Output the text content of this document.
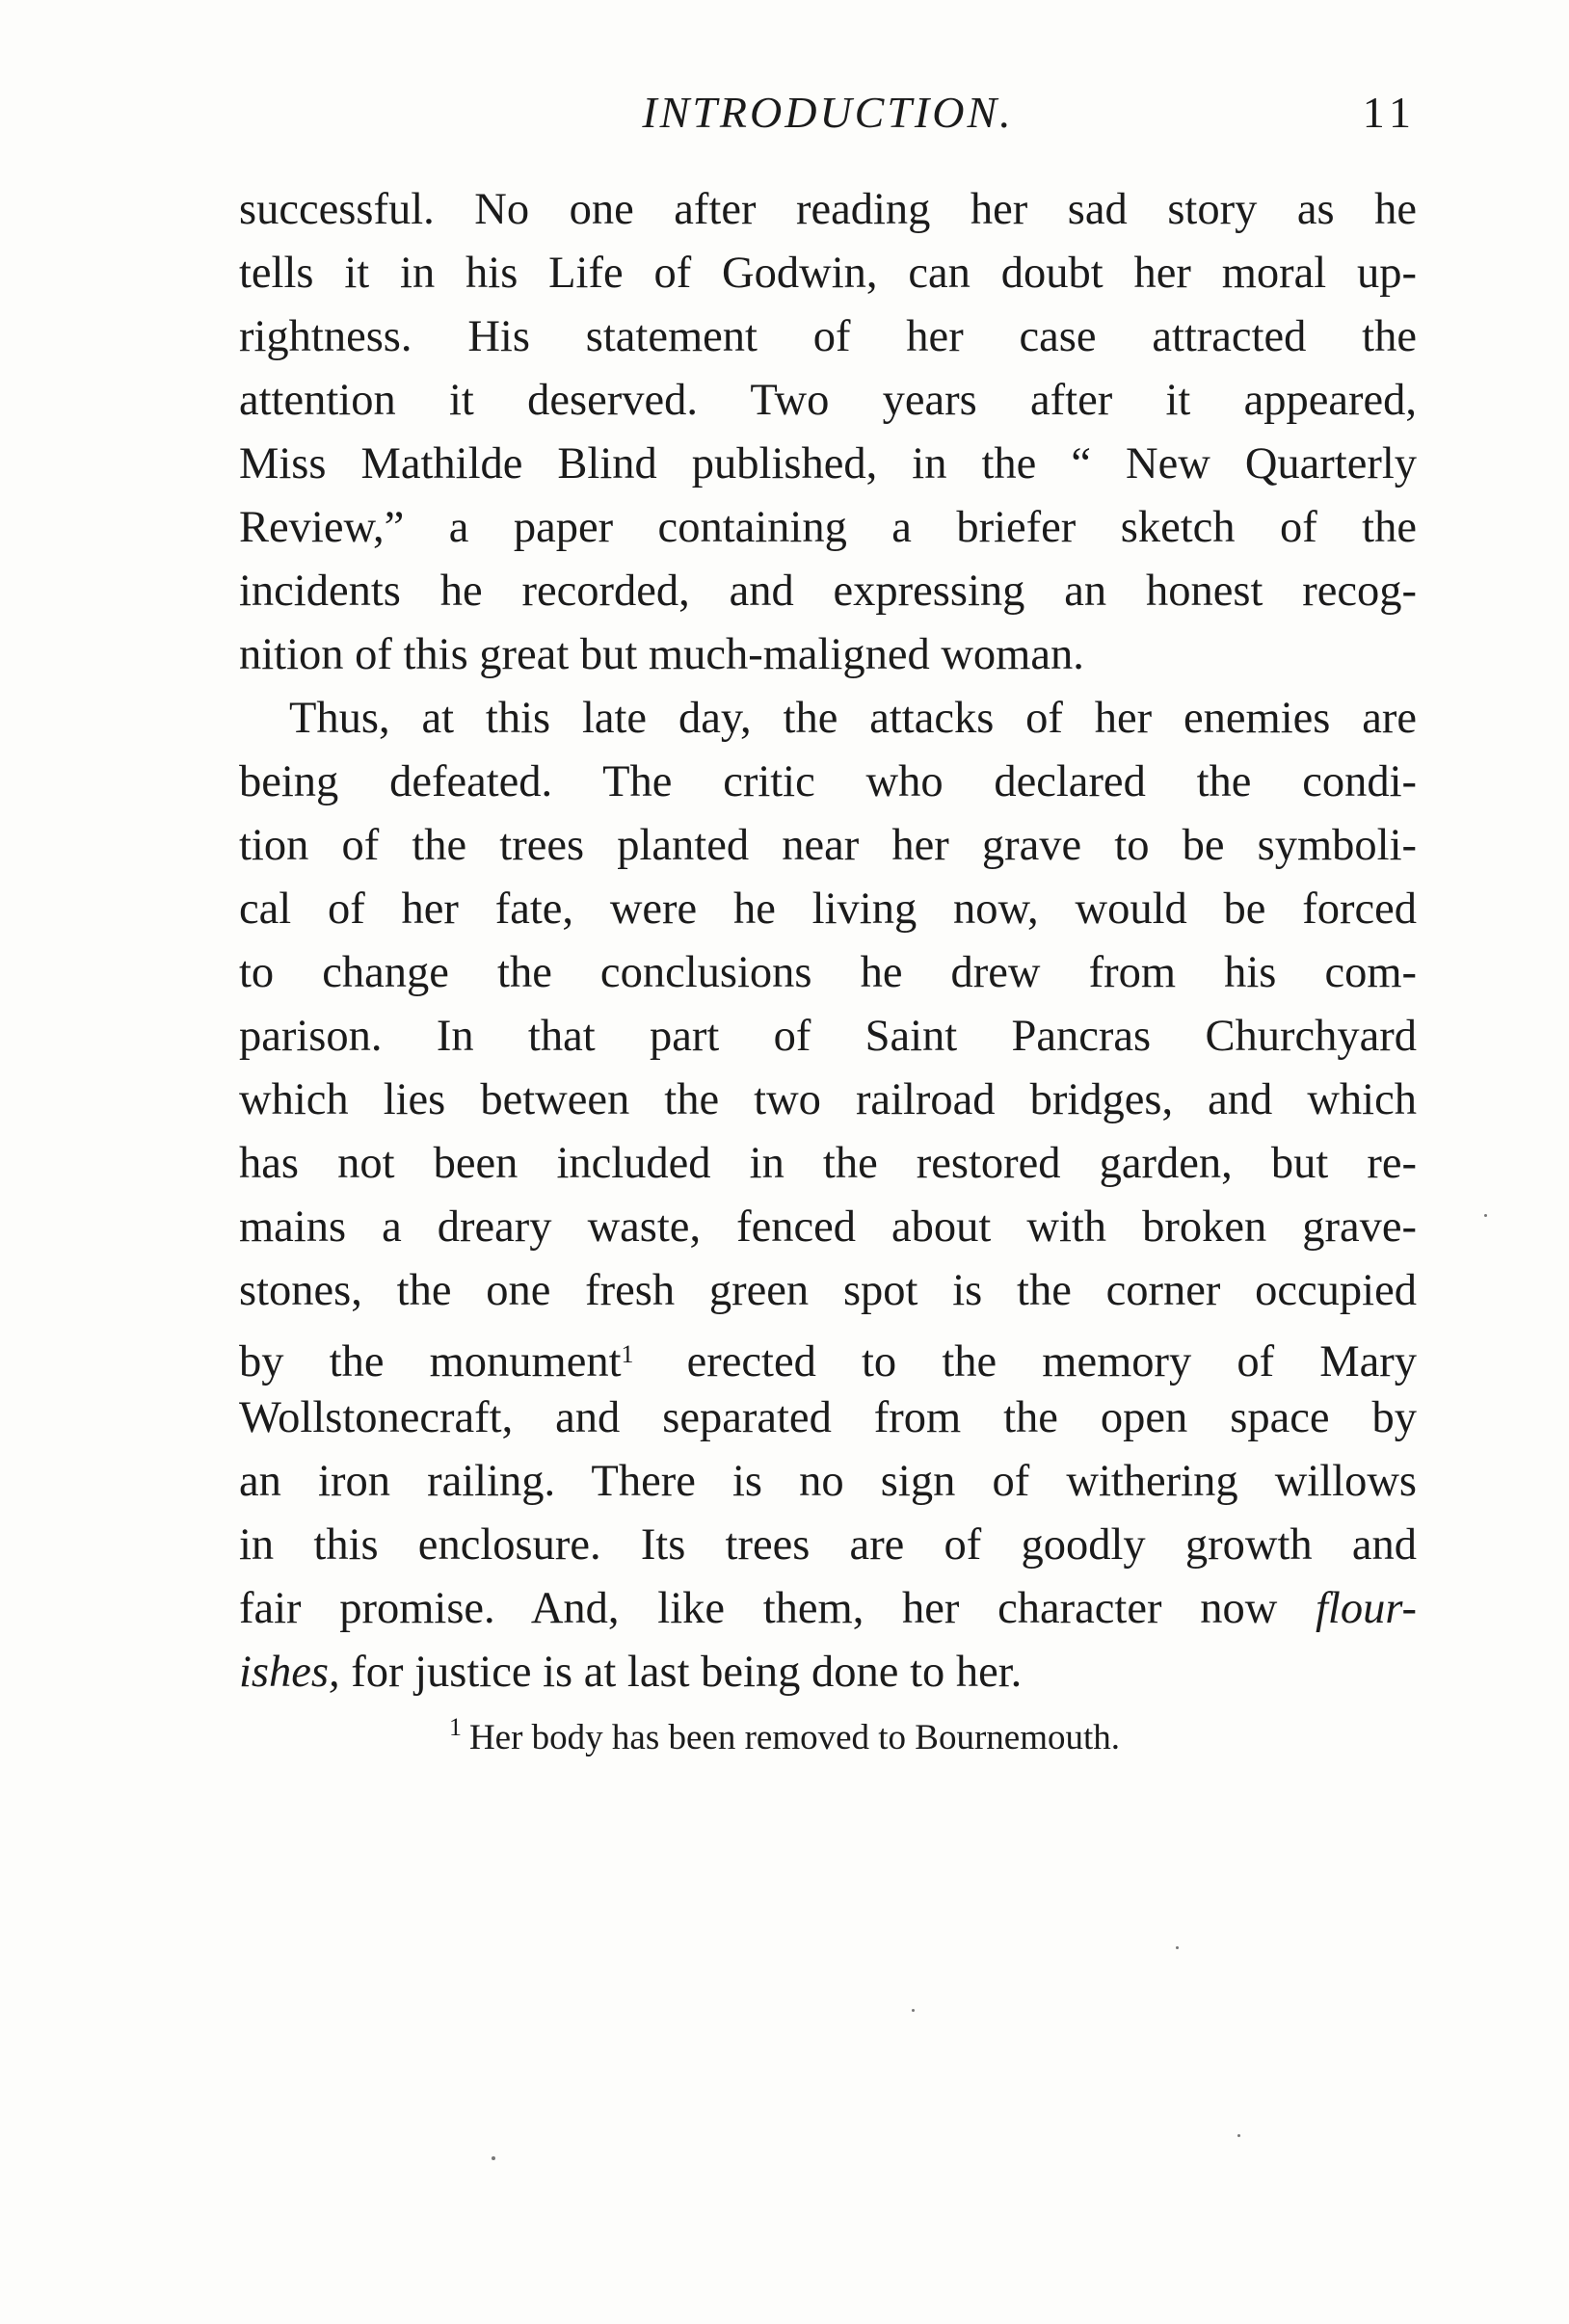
INTRODUCTION.	11
successful. No one after reading her sad story as he
tells it in his Life of Godwin, can doubt her moral up-
rightness. His statement of her case attracted the
attention it deserved. Two years after it appeared,
Miss Mathilde Blind published, in the “ New Quarterly
Review,” a paper containing a briefer sketch of the
incidents he recorded, and expressing an honest recog-
nition of this great but much-maligned woman.
Thus, at this late day, the attacks of her enemies are
being defeated. The critic who declared the condi-
tion of the trees planted near her grave to be symboli-
cal of her fate, were he living now, would be forced
to change the conclusions he drew from his com-
parison. In that part of Saint Pancras Churchyard
which lies between the two railroad bridges, and which
has not been included in the restored garden, but re-
mains a dreary waste, fenced about with broken grave-
stones, the one fresh green spot is the corner occupied
by the monument$^1$ erected to the memory of Mary
Wollstonecraft, and separated from the open space by
an iron railing. There is no sign of withering willows
in this enclosure. Its trees are of goodly growth and
fair promise. And, like them, her character now flour-
ishes, for justice is at last being done to her.
$^1$ Her body has been removed to Bournemouth.
